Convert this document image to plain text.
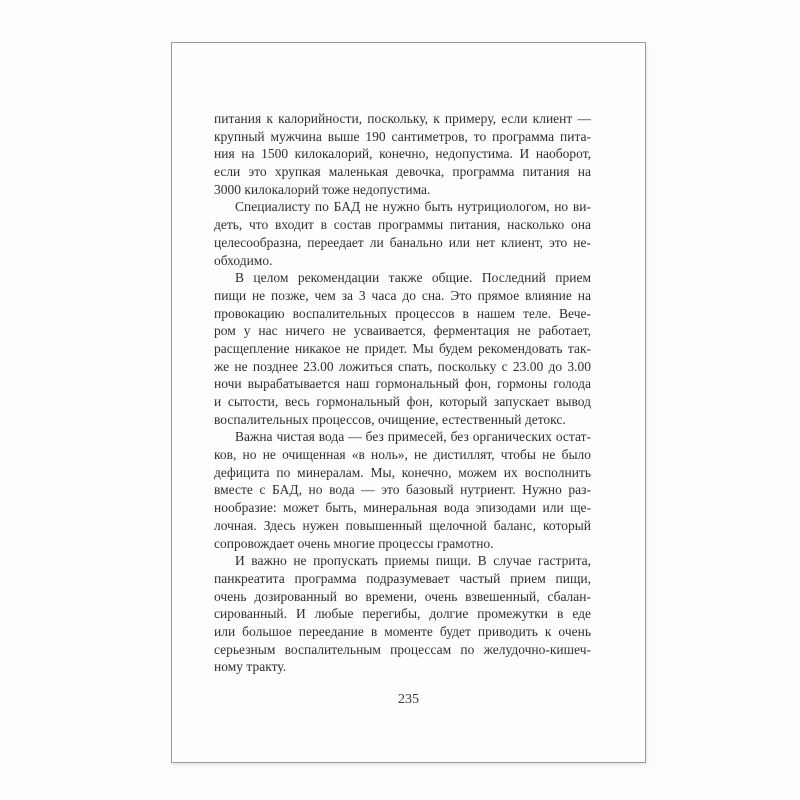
питания к калорийности, поскольку, к примеру, если клиент —
крупный мужчина выше 190 сантиметров, то программа пита-
ния на 1500 килокалорий, конечно, недопустима. И наоборот,
если это хрупкая маленькая девочка, программа питания на
3000 килокалорий тоже недопустима.
Специалисту по БАД не нужно быть нутрициологом, но ви-
деть, что входит в состав программы питания, насколько она
целесообразна, переедает ли банально или нет клиент, это не-
обходимо.
В целом рекомендации также общие. Последний прием
пищи не позже, чем за 3 часа до сна. Это прямое влияние на
провокацию воспалительных процессов в нашем теле. Вече-
ром у нас ничего не усваивается, ферментация не работает,
расщепление никакое не придет. Мы будем рекомендовать так-
же не позднее 23.00 ложиться спать, поскольку с 23.00 до 3.00
ночи вырабатывается наш гормональный фон, гормоны голода
и сытости, весь гормональный фон, который запускает вывод
воспалительных процессов, очищение, естественный детокс.
Важна чистая вода — без примесей, без органических остат-
ков, но не очищенная «в ноль», не дистиллят, чтобы не было
дефицита по минералам. Мы, конечно, можем их восполнить
вместе с БАД, но вода — это базовый нутриент. Нужно раз-
нообразие: может быть, минеральная вода эпизодами или ще-
лочная. Здесь нужен повышенный щелочной баланс, который
сопровождает очень многие процессы грамотно.
И важно не пропускать приемы пищи. В случае гастрита,
панкреатита программа подразумевает частый прием пищи,
очень дозированный во времени, очень взвешенный, сбалан-
сированный. И любые перегибы, долгие промежутки в еде
или большое переедание в моменте будет приводить к очень
серьезным воспалительным процессам по желудочно-кишеч-
ному тракту.
235
